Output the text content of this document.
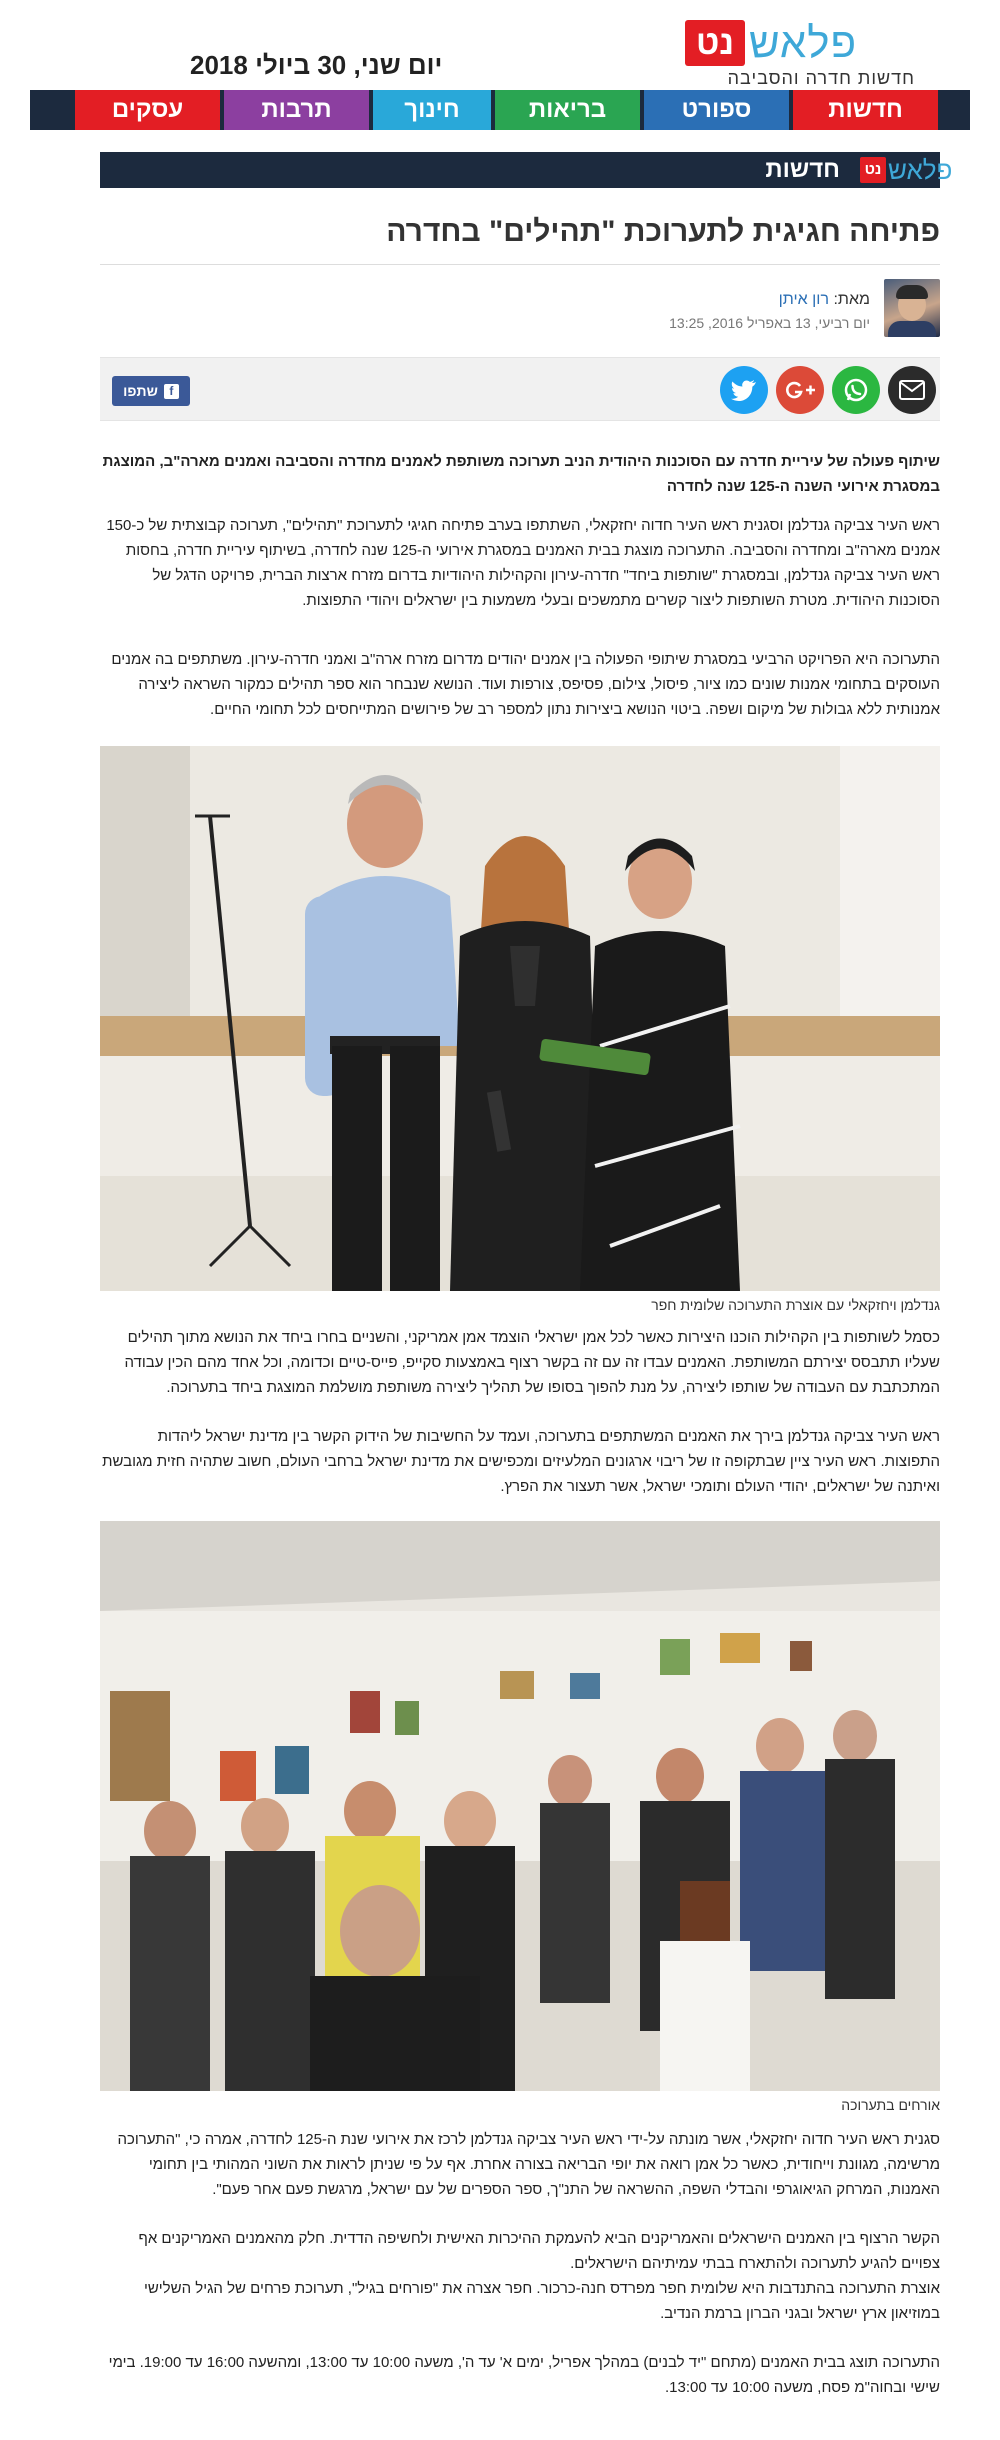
נט פלאש
חדשות חדרה והסביבה
יום שני, 30 ביולי 2018
חדשות
ספורט
בריאות
חינוך
תרבות
עסקים
נט פלאש
חדשות
פתיחה חגיגית לתערוכת "תהילים" בחדרה
מאת: רון איתן
יום רביעי, 13 באפריל 2016, 13:25
f
שתפו

שיתוף פעולה של עיריית חדרה עם הסוכנות היהודית הניב תערוכה משותפת לאמנים מחדרה והסביבה ואמנים מארה"ב, המוצגת במסגרת אירועי השנה ה-125 שנה לחדרה

ראש העיר צביקה גנדלמן וסגנית ראש העיר חדוה יחזקאלי, השתתפו בערב פתיחה חגיגי לתערוכת "תהילים", תערוכה קבוצתית של כ-150 אמנים מארה"ב ומחדרה והסביבה. התערוכה מוצגת בבית האמנים במסגרת אירועי ה-125 שנה לחדרה, בשיתוף עיריית חדרה, בחסות ראש העיר צביקה גנדלמן, ובמסגרת "שותפות ביחד" חדרה-עירון והקהילות היהודיות בדרום מזרח ארצות הברית, פרויקט הדגל של הסוכנות היהודית. מטרת השותפות ליצור קשרים מתמשכים ובעלי משמעות בין ישראלים ויהודי התפוצות.

התערוכה היא הפרויקט הרביעי במסגרת שיתופי הפעולה בין אמנים יהודים מדרום מזרח ארה"ב ואמני חדרה-עירון. משתתפים בה אמנים העוסקים בתחומי אמנות שונים כמו ציור, פיסול, צילום, פסיפס, צורפות ועוד. הנושא שנבחר הוא ספר תהילים כמקור השראה ליצירה אמנותית ללא גבולות של מיקום ושפה. ביטוי הנושא ביצירות נתון למספר רב של פירושים המתייחסים לכל תחומי החיים.

גנדלמן ויחזקאלי עם אוצרת התערוכה שלומית חפר

כסמל לשותפות בין הקהילות הוכנו היצירות כאשר לכל אמן ישראלי הוצמד אמן אמריקני, והשניים בחרו ביחד את הנושא מתוך תהילים שעליו תתבסס יצירתם המשותפת. האמנים עבדו זה עם זה בקשר רצוף באמצעות סקייפ, פייס-טיים וכדומה, וכל אחד מהם הכין עבודה המתכתבת עם העבודה של שותפו ליצירה, על מנת להפוך בסופו של תהליך ליצירה משותפת מושלמת המוצגת ביחד בתערוכה.

ראש העיר צביקה גנדלמן בירך את האמנים המשתתפים בתערוכה, ועמד על החשיבות של הידוק הקשר בין מדינת ישראל ליהדות התפוצות. ראש העיר ציין שבתקופה זו של ריבוי ארגונים המלעיזים ומכפישים את מדינת ישראל ברחבי העולם, חשוב שתהיה חזית מגובשת ואיתנה של ישראלים, יהודי העולם ותומכי ישראל, אשר תעצור את הפרץ.

אורחים בתערוכה

סגנית ראש העיר חדוה יחזקאלי, אשר מונתה על-ידי ראש העיר צביקה גנדלמן לרכז את אירועי שנת ה-125 לחדרה, אמרה כי, "התערוכה מרשימה, מגוונת וייחודית, כאשר כל אמן רואה את יופי הבריאה בצורה אחרת. אף על פי שניתן לראות את השוני המהותי בין תחומי האמנות, המרחק הגיאוגרפי והבדלי השפה, ההשראה של התנ"ך, ספר הספרים של עם ישראל, מרגשת פעם אחר פעם".

הקשר הרצוף בין האמנים הישראלים והאמריקנים הביא להעמקת ההיכרות האישית ולחשיפה הדדית. חלק מהאמנים האמריקנים אף צפויים להגיע לתערוכה ולהתארח בבתי עמיתיהם הישראלים.

אוצרת התערוכה בהתנדבות היא שלומית חפר מפרדס חנה-כרכור. חפר אצרה את "פורחים בגיל", תערוכת פרחים של הגיל השלישי במוזיאון ארץ ישראל ובגני הברון ברמת הנדיב.

התערוכה תוצג בבית האמנים (מתחם "יד לבנים) במהלך אפריל, ימים א' עד ה', משעה 10:00 עד 13:00, ומהשעה 16:00 עד 19:00. בימי שישי ובחוה"מ פסח, משעה 10:00 עד 13:00.
